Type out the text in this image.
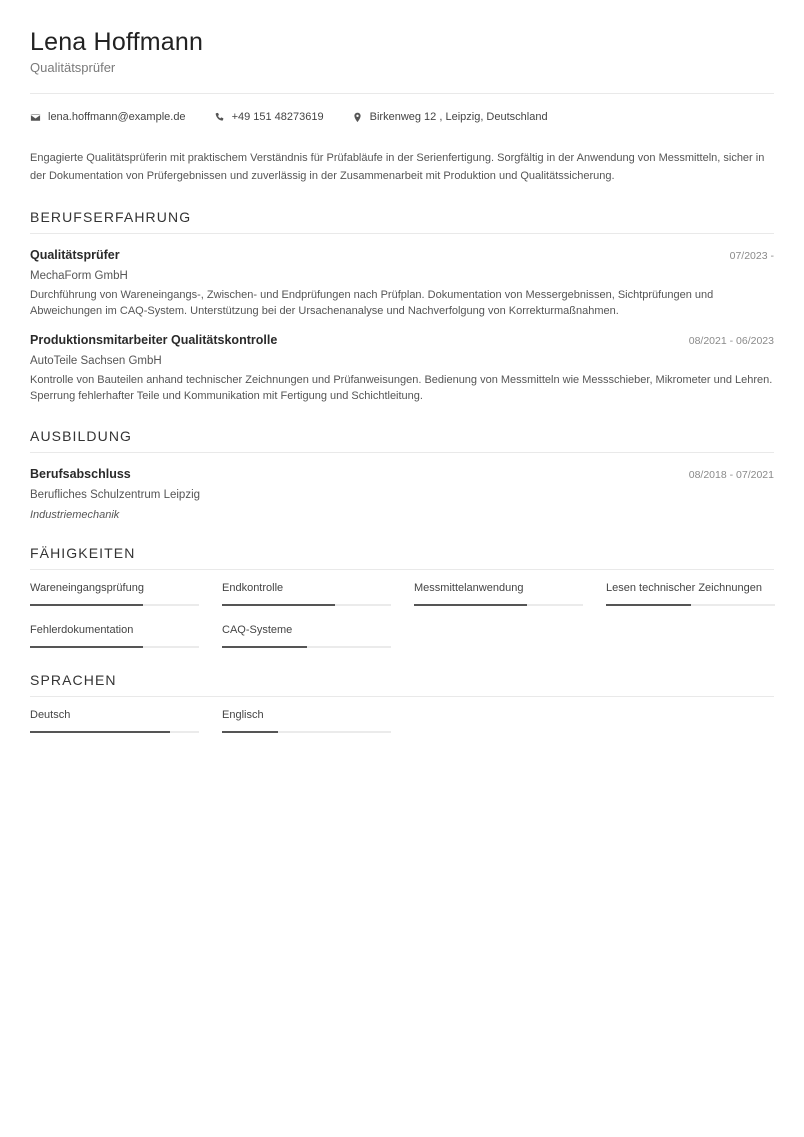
Lena Hoffmann
Qualitätsprüfer
lena.hoffmann@example.de	+49 151 48273619	Birkenweg 12 , Leipzig, Deutschland
Engagierte Qualitätsprüferin mit praktischem Verständnis für Prüfabläufe in der Serienfertigung. Sorgfältig in der Anwendung von Messmitteln, sicher in der Dokumentation von Prüfergebnissen und zuverlässig in der Zusammenarbeit mit Produktion und Qualitätssicherung.
BERUFSERFAHRUNG
Qualitätsprüfer	07/2023 -
MechaForm GmbH
Durchführung von Wareneingangs-, Zwischen- und Endprüfungen nach Prüfplan. Dokumentation von Messergebnissen, Sichtprüfungen und Abweichungen im CAQ-System. Unterstützung bei der Ursachenanalyse und Nachverfolgung von Korrekturmaßnahmen.
Produktionsmitarbeiter Qualitätskontrolle	08/2021 - 06/2023
AutoTeile Sachsen GmbH
Kontrolle von Bauteilen anhand technischer Zeichnungen und Prüfanweisungen. Bedienung von Messmitteln wie Messschieber, Mikrometer und Lehren. Sperrung fehlerhafter Teile und Kommunikation mit Fertigung und Schichtleitung.
AUSBILDUNG
Berufsabschluss	08/2018 - 07/2021
Berufliches Schulzentrum Leipzig
Industriemechanik
FÄHIGKEITEN
Wareneingangsprüfung	Endkontrolle	Messmittelanwendung	Lesen technischer Zeichnungen
Fehlerdokumentation	CAQ-Systeme
SPRACHEN
Deutsch	Englisch
